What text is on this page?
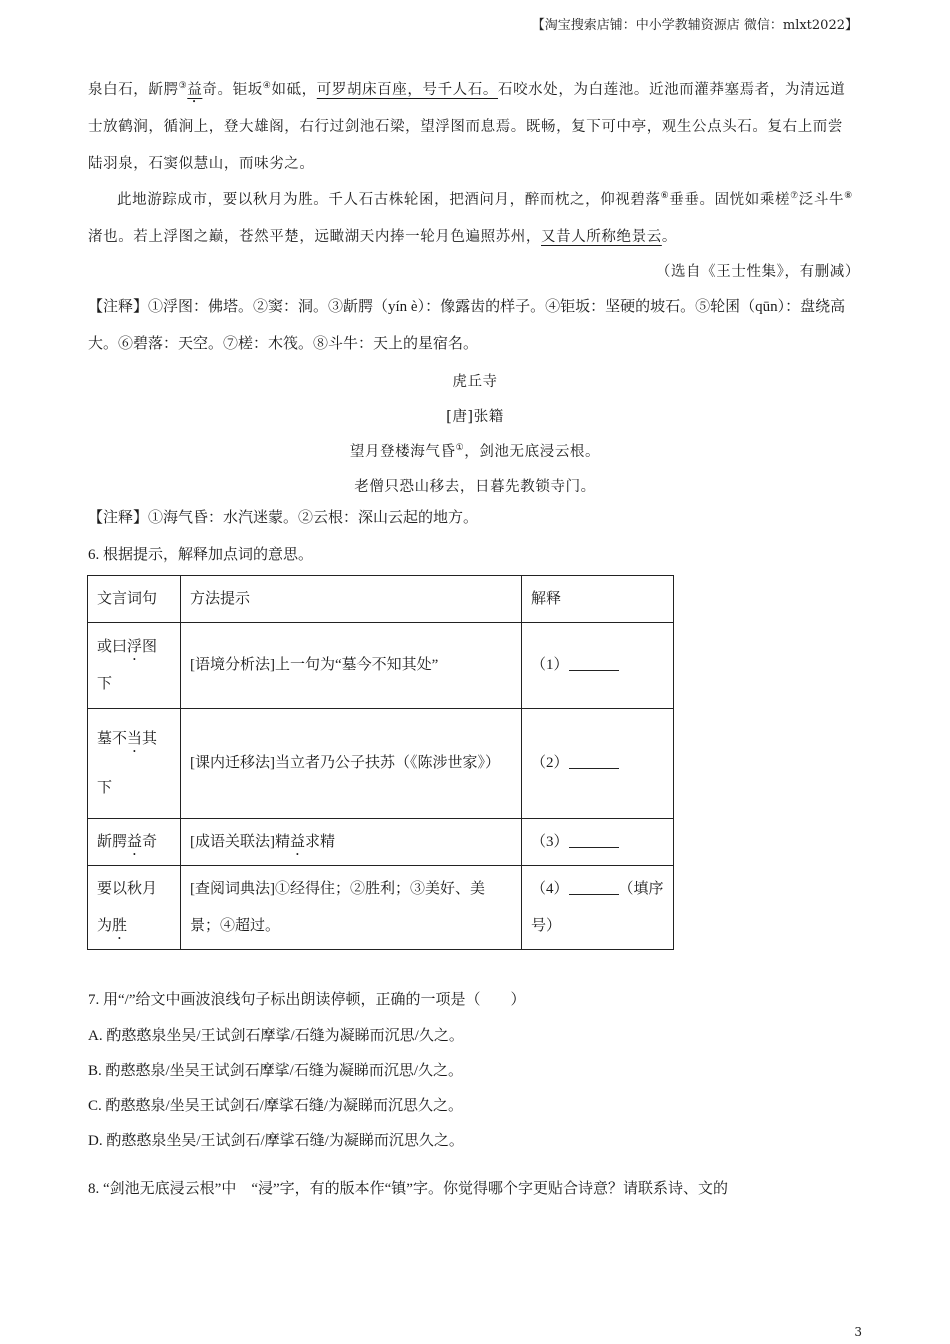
【淘宝搜索店铺：中小学教辅资源店 微信：mlxt2022】
泉白石，龂腭③益奇。钜坂④如砥，可罗胡床百座，号千人石。石咬水处，为白莲池。近池而灌莽塞焉者，为清远道士放鹤涧，循涧上，登大雄阁，右行过剑池石梁，望浮图而息焉。既畅，复下可中亭，观生公点头石。复右上而尝陆羽泉，石窦似慧山，而味劣之。
此地游踪成市，要以秋月为胜。千人石古株轮囷，把酒问月，醉而枕之，仰视碧落⑥垂垂。固恍如乘槎⑦泛斗牛⑧渚也。若上浮图之巅，苍然平楚，远瞰湖天内捧一轮月色遍照苏州，又昔人所称绝景云。
（选自《王士性集》，有删减）
【注释】①浮图：佛塔。②窦：洞。③龂腭（yín è）：像露齿的样子。④钜坂：坚硬的坡石。⑤轮囷（qūn）：盘绕高大。⑥碧落：天空。⑦槎：木筏。⑧斗牛：天上的星宿名。
虎丘寺
[唐]张籍
望月登楼海气昏①，剑池无底浸云根。
老僧只恐山移去，日暮先教锁寺门。
【注释】①海气昏：水汽迷蒙。②云根：深山云起的地方。
6. 根据提示，解释加点词的意思。
文言词句	方法提示	解释
或曰浮图下	[语境分析法]上一句为“墓今不知其处”	（1）
墓不当其下	[课内迁移法]当立者乃公子扶苏（《陈涉世家》）	（2）
龂腭益奇	[成语关联法]精益求精	（3）
要以秋月为胜	[查阅词典法]①经得住；②胜利；③美好、美景；④超过。	（4） （填序号）
7. 用“/”给文中画波浪线句子标出朗读停顿，正确的一项是（　　）
A. 酌憨憨泉坐吴/王试剑石摩挲/石缝为凝睇而沉思/久之。
B. 酌憨憨泉/坐吴王试剑石摩挲/石缝为凝睇而沉思/久之。
C. 酌憨憨泉/坐吴王试剑石/摩挲石缝/为凝睇而沉思久之。
D. 酌憨憨泉坐吴/王试剑石/摩挲石缝/为凝睇而沉思久之。
8. “剑池无底浸云根”中　“浸”字，有的版本作“镇”字。你觉得哪个字更贴合诗意？请联系诗、文的
3
